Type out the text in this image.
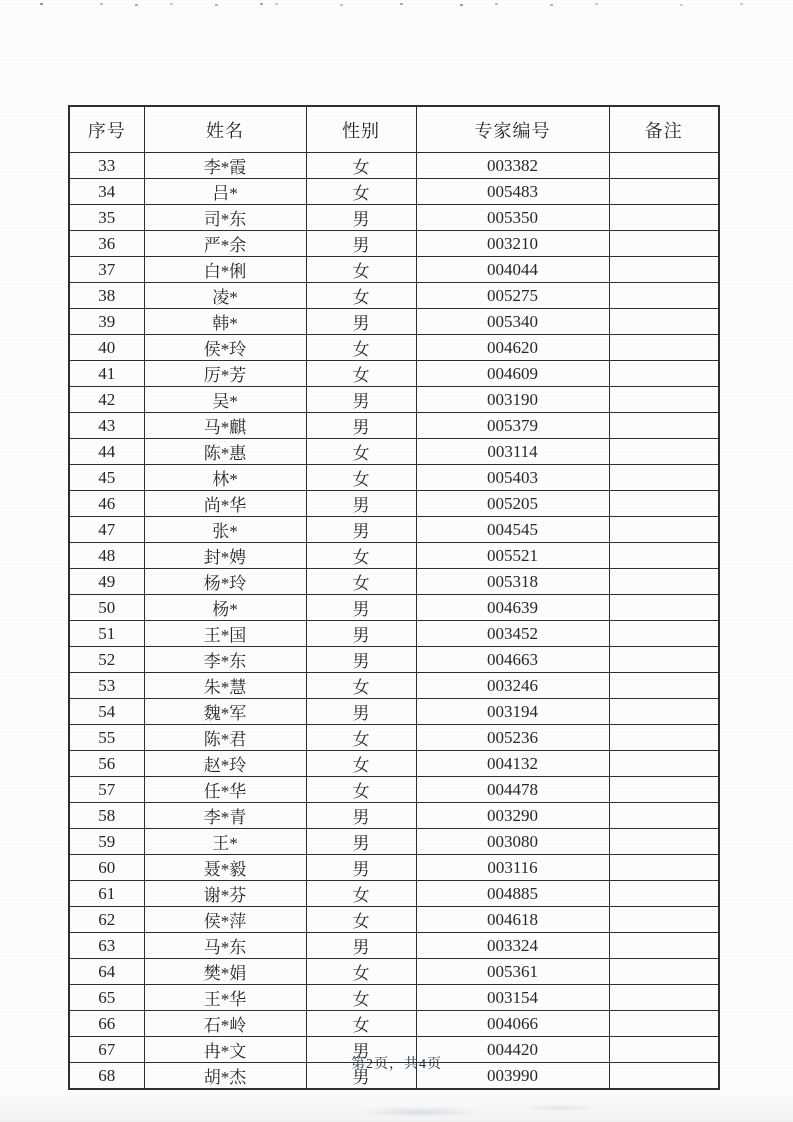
序号	姓名	性别	专家编号	备注
33	李*霞	女	003382	
34	吕*	女	005483	
35	司*东	男	005350	
36	严*余	男	003210	
37	白*俐	女	004044	
38	凌*	女	005275	
39	韩*	男	005340	
40	侯*玲	女	004620	
41	厉*芳	女	004609	
42	吴*	男	003190	
43	马*麒	男	005379	
44	陈*惠	女	003114	
45	林*	女	005403	
46	尚*华	男	005205	
47	张*	男	004545	
48	封*娉	女	005521	
49	杨*玲	女	005318	
50	杨*	男	004639	
51	王*国	男	003452	
52	李*东	男	004663	
53	朱*慧	女	003246	
54	魏*军	男	003194	
55	陈*君	女	005236	
56	赵*玲	女	004132	
57	任*华	女	004478	
58	李*青	男	003290	
59	王*	男	003080	
60	聂*毅	男	003116	
61	谢*芬	女	004885	
62	侯*萍	女	004618	
63	马*东	男	003324	
64	樊*娟	女	005361	
65	王*华	女	003154	
66	石*岭	女	004066	
67	冉*文	男	004420	
68	胡*杰	男	003990	
第2页，共4页
